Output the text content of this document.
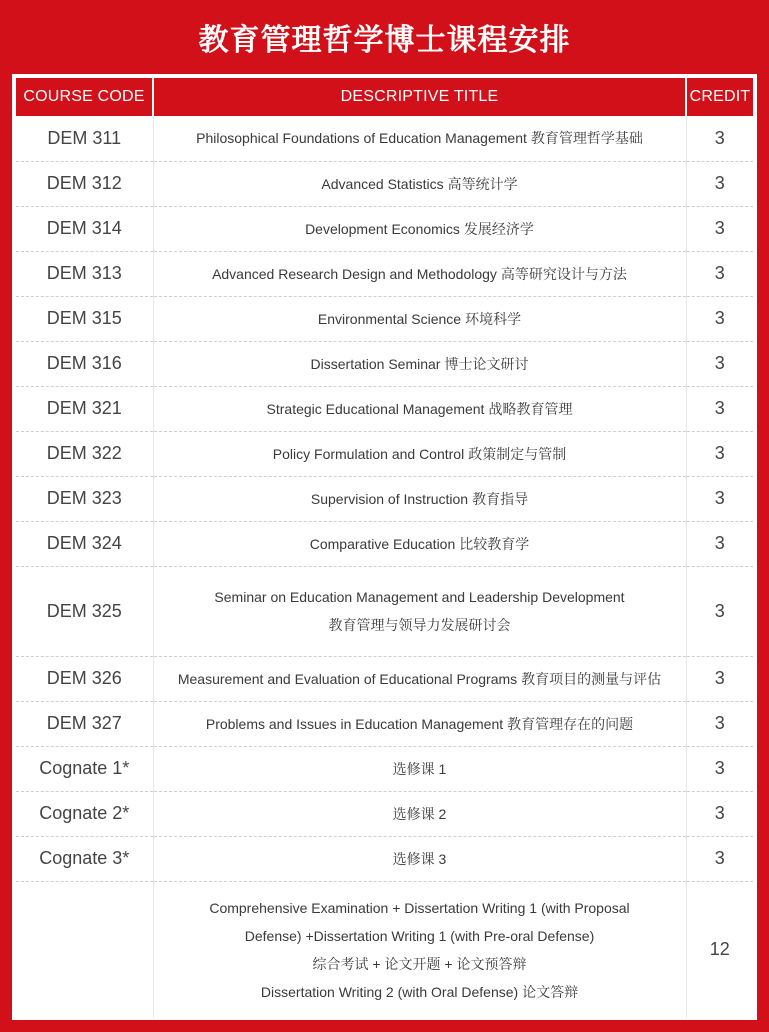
教育管理哲学博士课程安排
COURSE CODE	DESCRIPTIVE TITLE	CREDIT
DEM 311	Philosophical Foundations of Education Management 教育管理哲学基础	3
DEM 312	Advanced Statistics 高等统计学	3
DEM 314	Development Economics 发展经济学	3
DEM 313	Advanced Research Design and Methodology 高等研究设计与方法	3
DEM 315	Environmental Science 环境科学	3
DEM 316	Dissertation Seminar 博士论文研讨	3
DEM 321	Strategic Educational Management 战略教育管理	3
DEM 322	Policy Formulation and Control 政策制定与管制	3
DEM 323	Supervision of Instruction 教育指导	3
DEM 324	Comparative Education 比较教育学	3
DEM 325	Seminar on Education Management and Leadership Development
教育管理与领导力发展研讨会	3
DEM 326	Measurement and Evaluation of Educational Programs 教育项目的测量与评估	3
DEM 327	Problems and Issues in Education Management 教育管理存在的问题	3
Cognate 1*	选修课 1	3
Cognate 2*	选修课 2	3
Cognate 3*	选修课 3	3

	Comprehensive Examination + Dissertation Writing 1 (with Proposal
Defense) +Dissertation Writing 1 (with Pre-oral Defense)
综合考试 + 论文开题 + 论文预答辩
Dissertation Writing 2 (with Oral Defense) 论文答辩	12
